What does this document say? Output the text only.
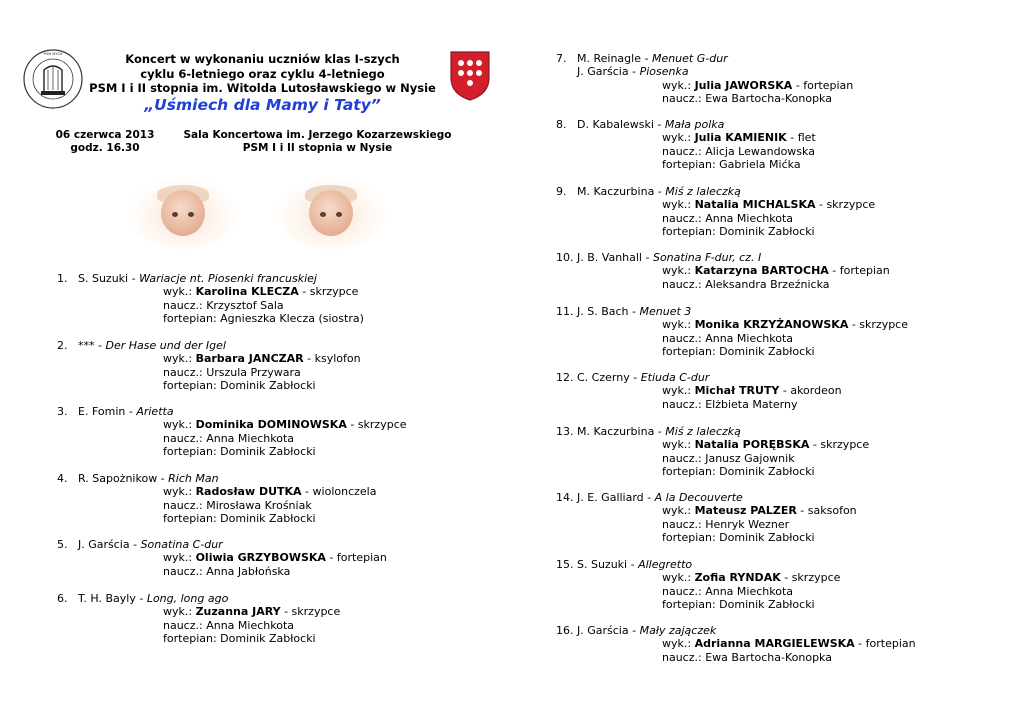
·PSM·NYSA·	Koncert w wykonaniu uczniów klas I-szych
cyklu 6-letniego oraz cyklu 4-letniego
PSM I i II stopnia im. Witolda Lutosławskiego w Nysie
„Uśmiech dla Mamy i Taty”
06 czerwca 2013
godz. 16.30
Sala Koncertowa im. Jerzego Kozarzewskiego
PSM I i II stopnia w Nysie
1. S. Suzuki - Wariacje nt. Piosenki francuskiej
wyk.: Karolina KLECZA - skrzypce
naucz.: Krzysztof Sala
fortepian: Agnieszka Klecza (siostra)
2. *** - Der Hase und der Igel
wyk.: Barbara JANCZAR - ksylofon
naucz.: Urszula Przywara
fortepian: Dominik Zabłocki
3. E. Fomin - Arietta
wyk.: Dominika DOMINOWSKA - skrzypce
naucz.: Anna Miechkota
fortepian: Dominik Zabłocki
4. R. Sapożnikow - Rich Man
wyk.: Radosław DUTKA - wiolonczela
naucz.: Mirosława Krośniak
fortepian: Dominik Zabłocki
5. J. Garścia - Sonatina C-dur
wyk.: Oliwia GRZYBOWSKA - fortepian
naucz.: Anna Jabłońska
6. T. H. Bayly - Long, long ago
wyk.: Zuzanna JARY - skrzypce
naucz.: Anna Miechkota
fortepian: Dominik Zabłocki
7. M. Reinagle - Menuet G-dur
J. Garścia - Piosenka
wyk.: Julia JAWORSKA - fortepian
naucz.: Ewa Bartocha-Konopka
8. D. Kabalewski - Mała polka
wyk.: Julia KAMIENIK - flet
naucz.: Alicja Lewandowska
fortepian: Gabriela Mićka
9. M. Kaczurbina - Miś z laleczką
wyk.: Natalia MICHALSKA - skrzypce
naucz.: Anna Miechkota
fortepian: Dominik Zabłocki
10. J. B. Vanhall - Sonatina F-dur, cz. I
wyk.: Katarzyna BARTOCHA - fortepian
naucz.: Aleksandra Brzeźnicka
11. J. S. Bach - Menuet 3
wyk.: Monika KRZYŻANOWSKA - skrzypce
naucz.: Anna Miechkota
fortepian: Dominik Zabłocki
12. C. Czerny - Etiuda C-dur
wyk.: Michał TRUTY - akordeon
naucz.: Elżbieta Materny
13. M. Kaczurbina - Miś z laleczką
wyk.: Natalia PORĘBSKA - skrzypce
naucz.: Janusz Gajownik
fortepian: Dominik Zabłocki
14. J. E. Galliard - A la Decouverte
wyk.: Mateusz PALZER - saksofon
naucz.: Henryk Wezner
fortepian: Dominik Zabłocki
15. S. Suzuki - Allegretto
wyk.: Zofia RYNDAK - skrzypce
naucz.: Anna Miechkota
fortepian: Dominik Zabłocki
16. J. Garścia - Mały zajączek
wyk.: Adrianna MARGIELEWSKA - fortepian
naucz.: Ewa Bartocha-Konopka
